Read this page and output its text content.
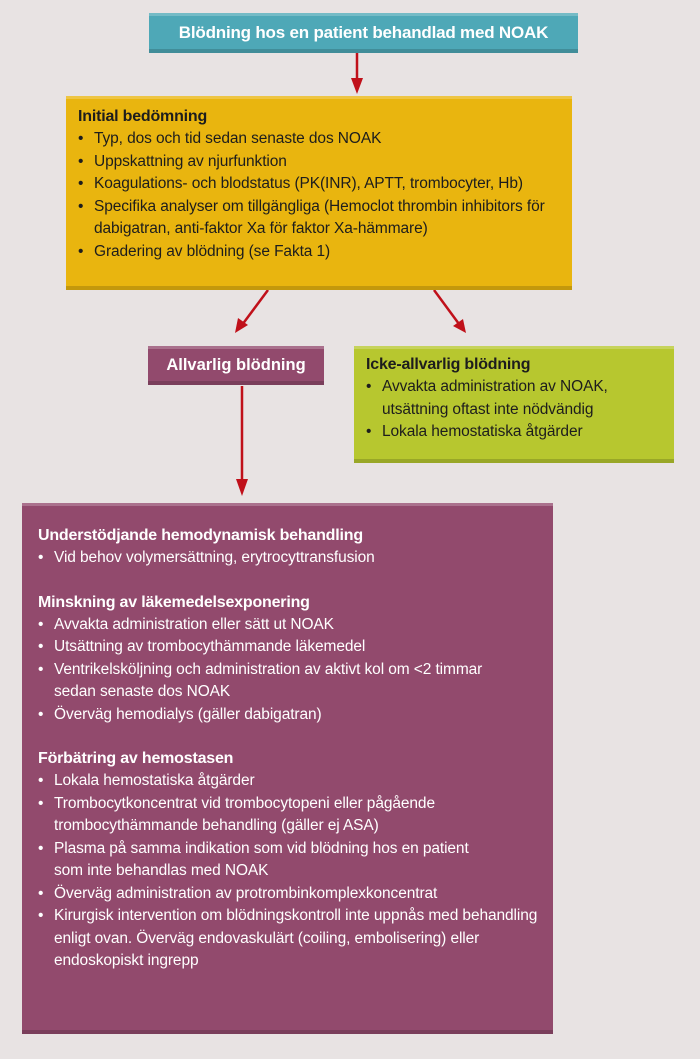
Blödning hos en patient behandlad med NOAK
Initial bedömning
• Typ, dos och tid sedan senaste dos NOAK
• Uppskattning av njurfunktion
• Koagulations- och blodstatus (PK(INR), APTT, trombocyter, Hb)
• Specifika analyser om tillgängliga (Hemoclot thrombin inhibitors för dabigatran, anti-faktor Xa för faktor Xa-hämmare)
• Gradering av blödning (se Fakta 1)
Allvarlig blödning	Icke-allvarlig blödning
• Avvakta administration av NOAK, utsättning oftast inte nödvändig
• Lokala hemostatiska åtgärder
Understödjande hemodynamisk behandling
• Vid behov volymersättning, erytrocyttransfusion
Minskning av läkemedelsexponering
• Avvakta administration eller sätt ut NOAK
• Utsättning av trombocythämmande läkemedel
• Ventrikelsköljning och administration av aktivt kol om <2 timmar sedan senaste dos NOAK
• Överväg hemodialys (gäller dabigatran)
Förbätring av hemostasen
• Lokala hemostatiska åtgärder
• Trombocytkoncentrat vid trombocytopeni eller pågående trombocythämmande behandling (gäller ej ASA)
• Plasma på samma indikation som vid blödning hos en patient som inte behandlas med NOAK
• Överväg administration av protrombinkomplexkoncentrat
• Kirurgisk intervention om blödningskontroll inte uppnås med behandling enligt ovan. Överväg endovaskulärt (coiling, embolisering) eller endoskopiskt ingrepp
